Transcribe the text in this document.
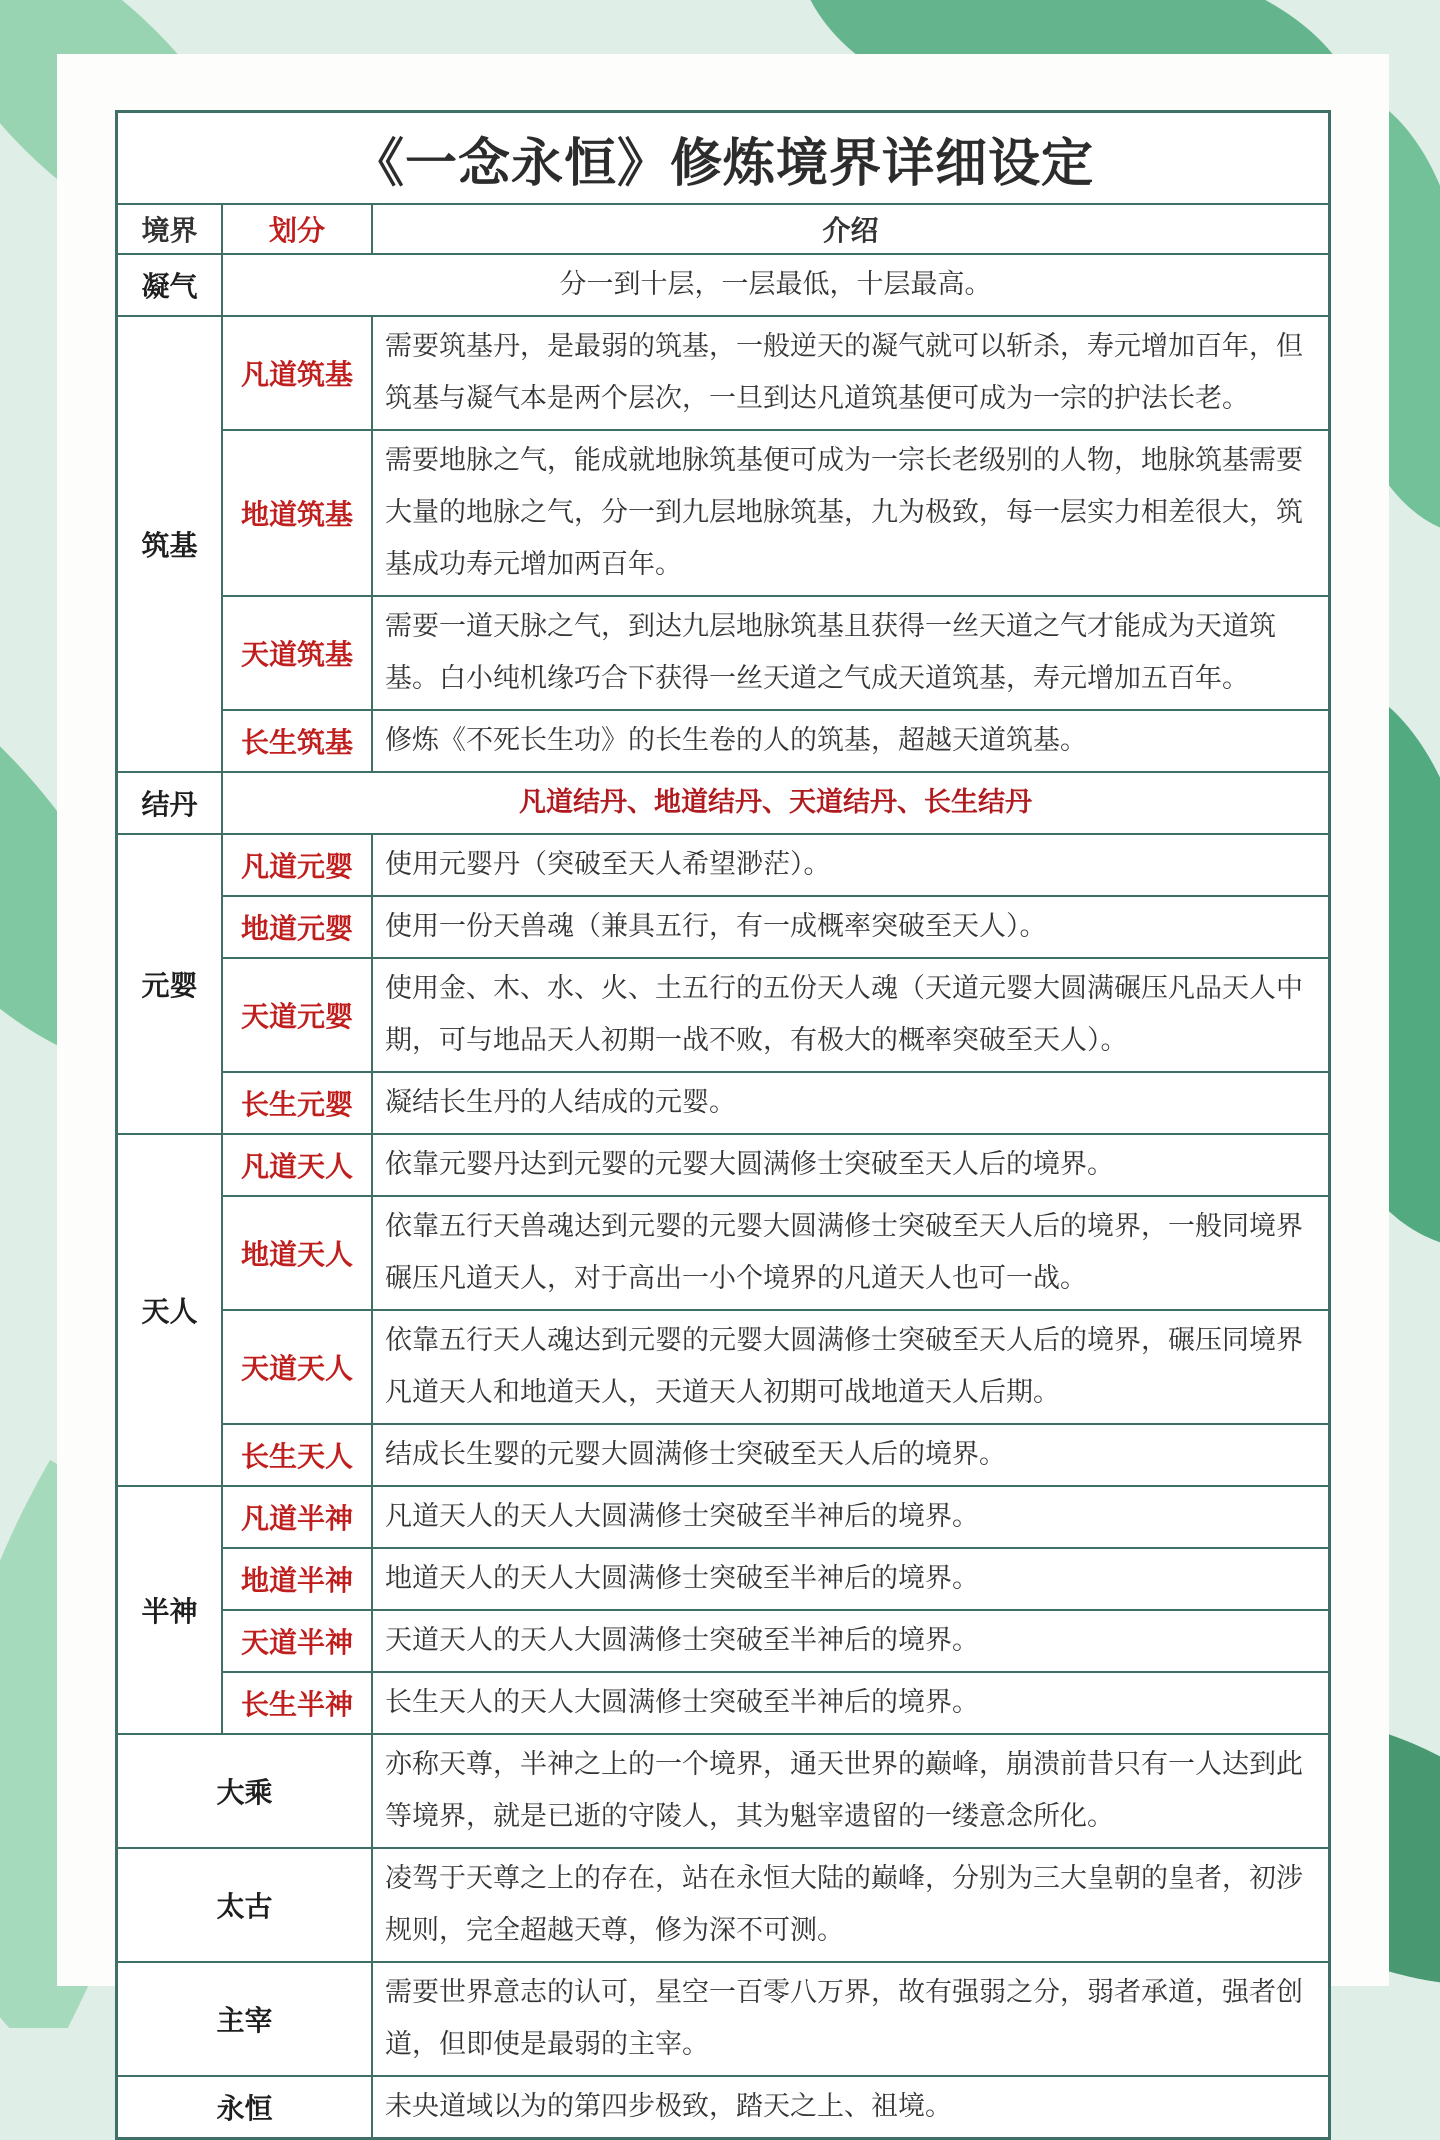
《一念永恒》修炼境界详细设定
境界	划分	介绍
凝气	分一到十层，一层最低，十层最高。	
筑基	凡道筑基	需要筑基丹，是最弱的筑基，一般逆天的凝气就可以斩杀，寿元增加百年，但筑基与凝气本是两个层次，一旦到达凡道筑基便可成为一宗的护法长老。
	地道筑基	需要地脉之气，能成就地脉筑基便可成为一宗长老级别的人物，地脉筑基需要大量的地脉之气，分一到九层地脉筑基，九为极致，每一层实力相差很大，筑基成功寿元增加两百年。
	天道筑基	需要一道天脉之气，到达九层地脉筑基且获得一丝天道之气才能成为天道筑基。白小纯机缘巧合下获得一丝天道之气成天道筑基，寿元增加五百年。
	长生筑基	修炼《不死长生功》的长生卷的人的筑基，超越天道筑基。
结丹	凡道结丹、地道结丹、天道结丹、长生结丹	
元婴	凡道元婴	使用元婴丹（突破至天人希望渺茫）。
	地道元婴	使用一份天兽魂（兼具五行，有一成概率突破至天人）。
	天道元婴	使用金、木、水、火、土五行的五份天人魂（天道元婴大圆满碾压凡品天人中期，可与地品天人初期一战不败，有极大的概率突破至天人）。
	长生元婴	凝结长生丹的人结成的元婴。
天人	凡道天人	依靠元婴丹达到元婴的元婴大圆满修士突破至天人后的境界。
	地道天人	依靠五行天兽魂达到元婴的元婴大圆满修士突破至天人后的境界，一般同境界碾压凡道天人，对于高出一小个境界的凡道天人也可一战。
	天道天人	依靠五行天人魂达到元婴的元婴大圆满修士突破至天人后的境界，碾压同境界凡道天人和地道天人，天道天人初期可战地道天人后期。
	长生天人	结成长生婴的元婴大圆满修士突破至天人后的境界。
半神	凡道半神	凡道天人的天人大圆满修士突破至半神后的境界。
	地道半神	地道天人的天人大圆满修士突破至半神后的境界。
	天道半神	天道天人的天人大圆满修士突破至半神后的境界。
	长生半神	长生天人的天人大圆满修士突破至半神后的境界。
大乘		亦称天尊，半神之上的一个境界，通天世界的巅峰，崩溃前昔只有一人达到此等境界，就是已逝的守陵人，其为魁宰遗留的一缕意念所化。
太古		凌驾于天尊之上的存在，站在永恒大陆的巅峰，分别为三大皇朝的皇者，初涉规则，完全超越天尊，修为深不可测。
主宰		需要世界意志的认可，星空一百零八万界，故有强弱之分，弱者承道，强者创道，但即使是最弱的主宰。
永恒		未央道域以为的第四步极致，踏天之上、祖境。
